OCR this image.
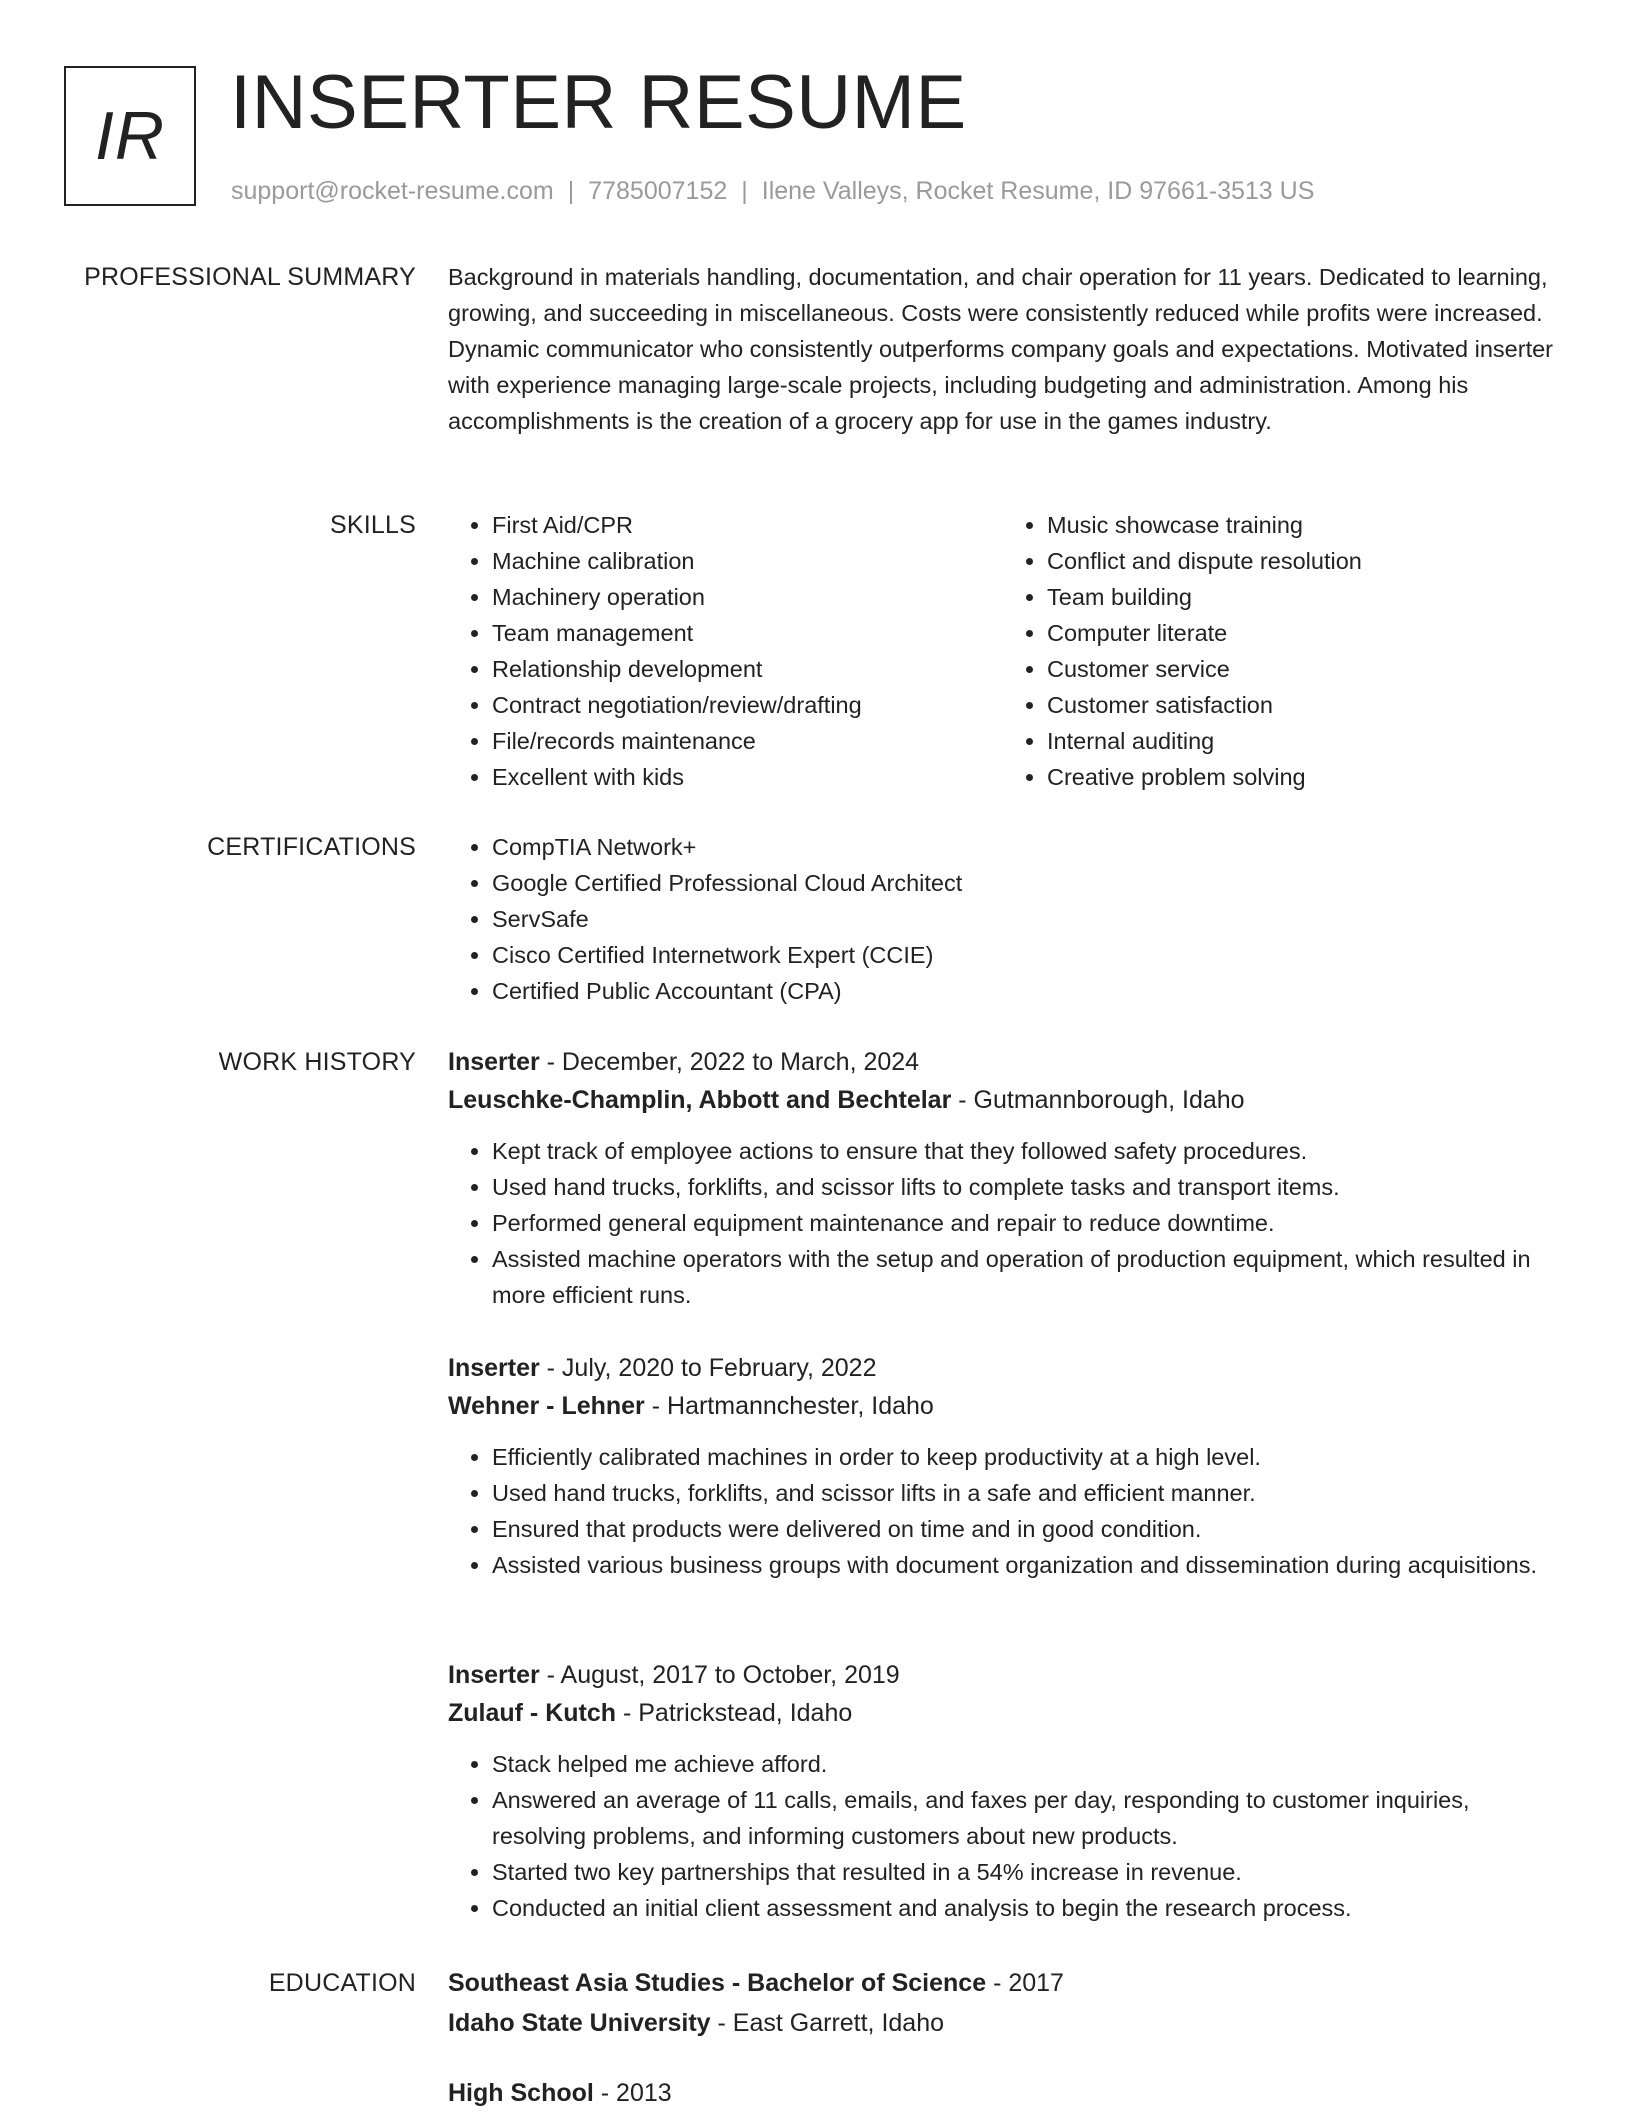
IR INSERTER RESUME
support@rocket-resume.com | 7785007152 | Ilene Valleys, Rocket Resume, ID 97661-3513 US
PROFESSIONAL SUMMARY Background in materials handling, documentation, and chair operation for 11 years. Dedicated to learning, growing, and succeeding in miscellaneous. Costs were consistently reduced while profits were increased. Dynamic communicator who consistently outperforms company goals and expectations. Motivated inserter with experience managing large-scale projects, including budgeting and administration. Among his accomplishments is the creation of a grocery app for use in the games industry.
SKILLS	• First Aid/CPR
• Machine calibration
• Machinery operation
• Team management
• Relationship development
• Contract negotiation/review/drafting
• File/records maintenance
• Excellent with kids
• Music showcase training
• Conflict and dispute resolution
• Team building
• Computer literate
• Customer service
• Customer satisfaction
• Internal auditing
• Creative problem solving
CERTIFICATIONS	• CompTIA Network+
• Google Certified Professional Cloud Architect
• ServSafe
• Cisco Certified Internetwork Expert (CCIE)
• Certified Public Accountant (CPA)
WORK HISTORY Inserter - December, 2022 to March, 2024
Leuschke-Champlin, Abbott and Bechtelar - Gutmannborough, Idaho
• Kept track of employee actions to ensure that they followed safety procedures.
• Used hand trucks, forklifts, and scissor lifts to complete tasks and transport items.
• Performed general equipment maintenance and repair to reduce downtime.
• Assisted machine operators with the setup and operation of production equipment, which resulted in more efficient runs.
Inserter - July, 2020 to February, 2022
Wehner - Lehner - Hartmannchester, Idaho
• Efficiently calibrated machines in order to keep productivity at a high level.
• Used hand trucks, forklifts, and scissor lifts in a safe and efficient manner.
• Ensured that products were delivered on time and in good condition.
• Assisted various business groups with document organization and dissemination during acquisitions.
Inserter - August, 2017 to October, 2019
Zulauf - Kutch - Patrickstead, Idaho
• Stack helped me achieve afford.
• Answered an average of 11 calls, emails, and faxes per day, responding to customer inquiries, resolving problems, and informing customers about new products.
• Started two key partnerships that resulted in a 54% increase in revenue.
• Conducted an initial client assessment and analysis to begin the research process.
EDUCATION Southeast Asia Studies - Bachelor of Science - 2017
Idaho State University - East Garrett, Idaho
High School - 2013
